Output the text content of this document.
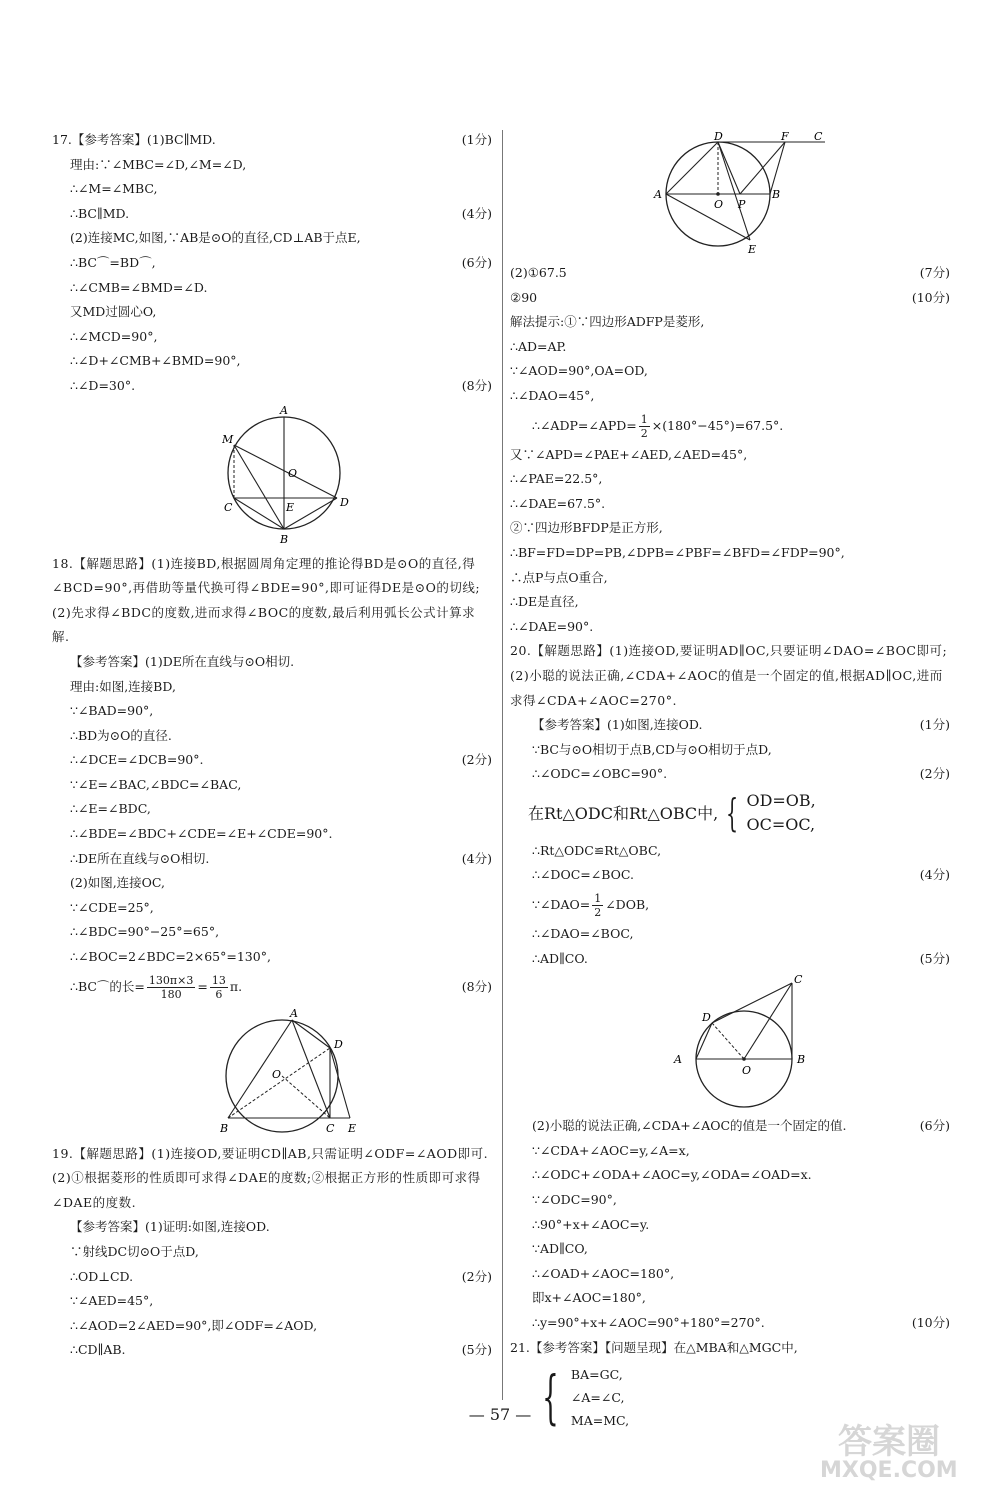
17.【参考答案】(1)BC∥MD.	(1分)
理由:∵∠MBC=∠D,∠M=∠D,
∴∠M=∠MBC,
∴BC∥MD.	(4分)
(2)连接MC,如图,∵AB是⊙O的直径,CD⊥AB于点E,
∴BC⌒=BD⌒,	(6分)
∴∠CMB=∠BMD=∠D.
又MD过圆心O,
∴∠MCD=90°,
∴∠D+∠CMB+∠BMD=90°,
∴∠D=30°.	(8分)
A
M
O
C	E	D
B
18.【解题思路】(1)连接BD,根据圆周角定理的推论得BD是⊙O的直径,得∠BCD=90°,再借助等量代换可得∠BDE=90°,即可证得DE是⊙O的切线;(2)先求得∠BDC的度数,进而求得∠BOC的度数,最后利用弧长公式计算求解.
【参考答案】(1)DE所在直线与⊙O相切.
理由:如图,连接BD,
∵∠BAD=90°,
∴BD为⊙O的直径.
∴∠DCE=∠DCB=90°.	(2分)
∵∠E=∠BAC,∠BDC=∠BAC,
∴∠E=∠BDC,
∴∠BDE=∠BDC+∠CDE=∠E+∠CDE=90°.
∴DE所在直线与⊙O相切.	(4分)
(2)如图,连接OC,
∵∠CDE=25°,
∴∠BDC=90°−25°=65°,
∴∠BOC=2∠BDC=2×65°=130°,
∴BC⌒的长= $\frac{130\pi\times 3}{180} = \frac{13}{6} \pi$.	(8分)
A
D
O
B	C E
19.【解题思路】(1)连接OD,要证明CD∥AB,只需证明∠ODF=∠AOD即可.(2)①根据菱形的性质即可求得∠DAE的度数;②根据正方形的性质即可求得∠DAE的度数.
【参考答案】(1)证明:如图,连接OD.
∵射线DC切⊙O于点D,
∴OD⊥CD.	(2分)
∵∠AED=45°,
∴∠AOD=2∠AED=90°,即∠ODF=∠AOD,
∴CD∥AB.	(5分)
D	F C
A
O P
B
E
(2)①67.5	(7分)
②90	(10分)
解法提示:①∵四边形ADFP是菱形,
∴AD=AP.
∵∠AOD=90°,OA=OD,
∴∠DAO=45°,
∴∠ADP=∠APD= $\frac{1}{2} \times(180^\circ-45^\circ)=67.5^\circ$.
又∵∠APD=∠PAE+∠AED,∠AED=45°,
∴∠PAE=22.5°,
∴∠DAE=67.5°.
②∵四边形BFDP是正方形,
∴BF=FD=DP=PB,∠DPB=∠PBF=∠BFD=∠FDP=90°,
∴点P与点O重合,
∴DE是直径,
∴∠DAE=90°.
20.【解题思路】(1)连接OD,要证明AD∥OC,只要证明∠DAO=∠BOC即可;(2)小聪的说法正确,∠CDA+∠AOC的值是一个固定的值,根据AD∥OC,进而求得∠CDA+∠AOC=270°.
【参考答案】(1)如图,连接OD.	(1分)
∵BC与⊙O相切于点B,CD与⊙O相切于点D,
∴∠ODC=∠OBC=90°.	(2分)
在Rt△ODC和Rt△OBC中, { OD=OB,
OC=OC,
∴Rt△ODC≌Rt△OBC,
∴∠DOC=∠BOC.	(4分)
∵∠DAO= $\frac{1}{2}$ ∠DOB,
∴∠DAO=∠BOC,
∴AD∥CO.	(5分)
C
D
A
O
B
(2)小聪的说法正确,∠CDA+∠AOC的值是一个固定的值.	(6分)
∵∠CDA+∠AOC=y,∠A=x,
∴∠ODC+∠ODA+∠AOC=y,∠ODA=∠OAD=x.
∵∠ODC=90°,
∴90°+x+∠AOC=y.
∵AD∥CO,
∴∠OAD+∠AOC=180°,
即x+∠AOC=180°,
∴y=90°+x+∠AOC=90°+180°=270°.	(10分)
21.【参考答案】【问题呈现】在△MBA和△MGC中,
{ BA=GC,
∠A=∠C,
MA=MC,
— 57 —
答案圈
MXQE.COM
